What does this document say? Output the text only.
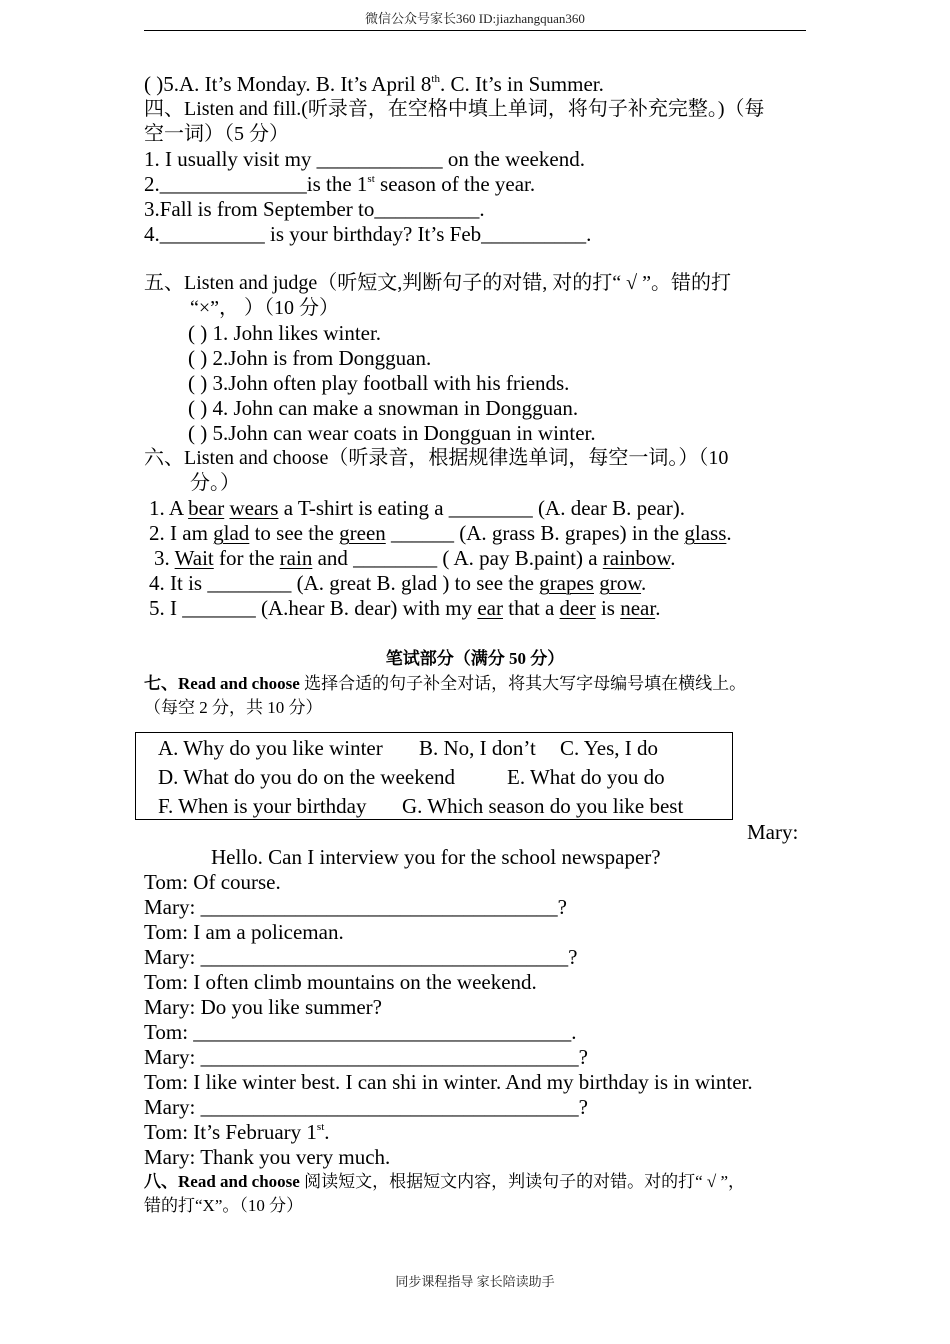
微信公众号家长360 ID:jiazhangquan360
( )5.A. It’s Monday. B. It’s April 8th. C. It’s in Summer.
四、Listen and fill.(听录音，在空格中填上单词，将句子补充完整。)（每
空一词）（5 分）
1. I usually visit my ____________ on the weekend.
2.______________is the 1st season of the year.
3.Fall is from September to__________.
4.__________ is your birthday? It’s Feb__________.
五、Listen and judge（听短文,判断句子的对错, 对的打“ √ ”。错的打
“×”， ）（10 分）
( ) 1. John likes winter.
( ) 2.John is from Dongguan.
( ) 3.John often play football with his friends.
( ) 4. John can make a snowman in Dongguan.
( ) 5.John can wear coats in Dongguan in winter.
六、Listen and choose（听录音，根据规律选单词，每空一词。）（10
分。）
1. A bear wears a T-shirt is eating a ________ (A. dear B. pear).
2. I am glad to see the green ______ (A. grass B. grapes) in the glass.
3. Wait for the rain and ________ ( A. pay B.paint) a rainbow.
4. It is ________ (A. great B. glad ) to see the grapes grow.
5. I _______ (A.hear B. dear) with my ear that a deer is near.
笔试部分（满分 50 分）
七、Read and choose 选择合适的句子补全对话，将其大写字母编号填在横线上。
（每空 2 分，共 10 分）
A. Why do you like winter B. No, I don’t C. Yes, I do
D. What do you do on the weekend E. What do you do
F. When is your birthday G. Which season do you like best
Mary:
Hello. Can I interview you for the school newspaper?
Tom: Of course.
Mary: __________________________________?
Tom: I am a policeman.
Mary: ___________________________________?
Tom: I often climb mountains on the weekend.
Mary: Do you like summer?
Tom: ____________________________________.
Mary: ____________________________________?
Tom: I like winter best. I can shi in winter. And my birthday is in winter.
Mary: ____________________________________?
Tom: It’s February 1st.
Mary: Thank you very much.
八、Read and choose 阅读短文，根据短文内容，判读句子的对错。对的打“ √ ”，
错的打“X”。（10 分）
同步课程指导 家长陪读助手
